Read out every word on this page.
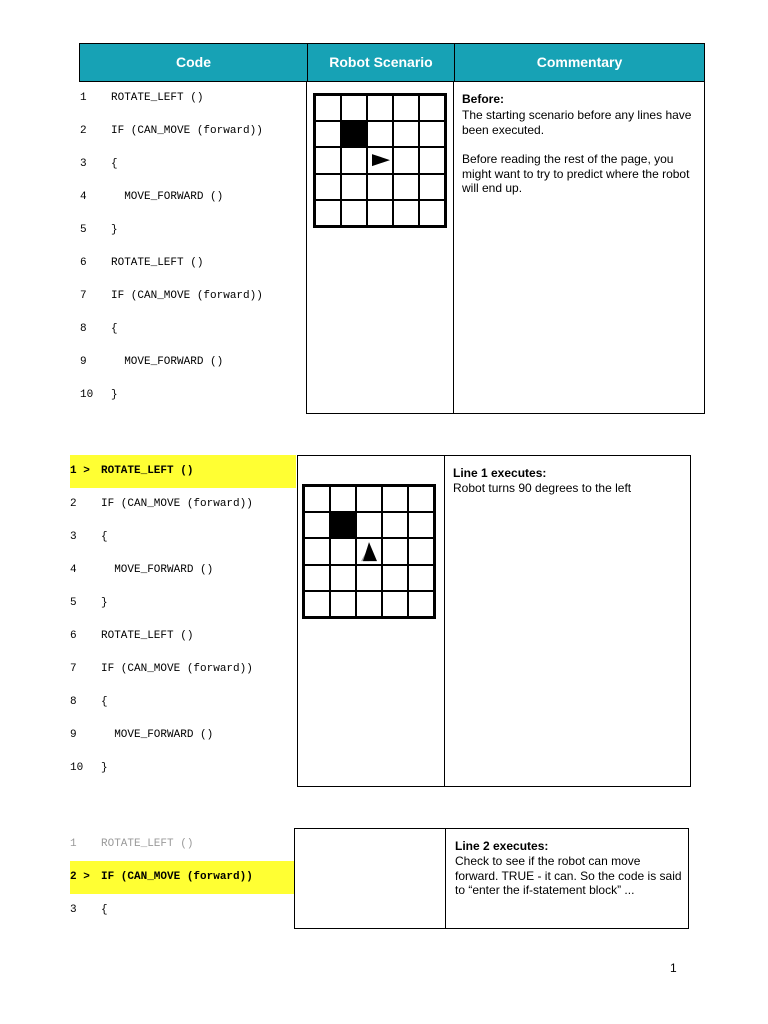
Code	Robot Scenario	Commentary
1 ROTATE_LEFT ()
2 IF (CAN_MOVE (forward))
3 {
4 MOVE_FORWARD ()
5 }
6 ROTATE_LEFT ()
7 IF (CAN_MOVE (forward))
8 {
9 MOVE_FORWARD ()
10 }
Before:
The starting scenario before any lines have been executed.
Before reading the rest of the page, you might want to try to predict where the robot will end up.
1 > ROTATE_LEFT ()
2 IF (CAN_MOVE (forward))
3 {
4 MOVE_FORWARD ()
5 }
6 ROTATE_LEFT ()
7 IF (CAN_MOVE (forward))
8 {
9 MOVE_FORWARD ()
10 }
Line 1 executes:
Robot turns 90 degrees to the left
1 ROTATE_LEFT ()
2 > IF (CAN_MOVE (forward))
3 {
Line 2 executes:
Check to see if the robot can move forward. TRUE - it can. So the code is said to “enter the if-statement block” ...
1
